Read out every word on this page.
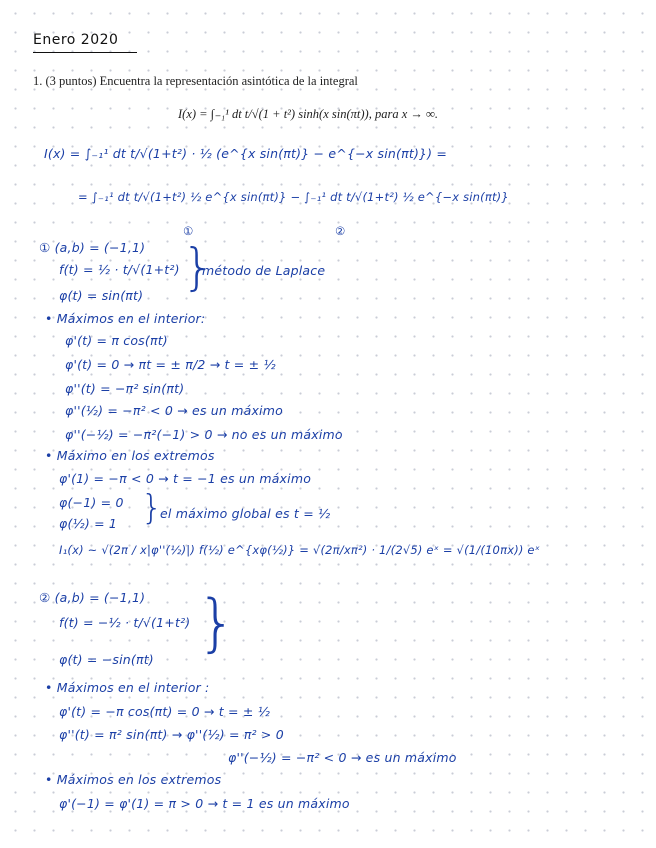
Enero 2020
1. (3 puntos) Encuentra la representación asintótica de la integral
I(x) = ∫₋₁¹ dt t/√(1 + t²) sinh(x sin(πt)), para x → ∞.
I(x) = ∫₋₁¹ dt t/√(1+t²) · ½ (e^{x sin(πt)} − e^{−x sin(πt)}) =
= ∫₋₁¹ dt t/√(1+t²) ½ e^{x sin(πt)} − ∫₋₁¹ dt t/√(1+t²) ½ e^{−x sin(πt)}
①	②
① (a,b) = (−1,1)
f(t) = ½ · t/√(1+t²)
φ(t) = sin(πt) }
método de Laplace
• Máximos en el interior:
φ'(t) = π cos(πt)
φ'(t) = 0 → πt = ± π/2 → t = ± ½
φ''(t) = −π² sin(πt)
φ''(½) = −π² < 0 → es un máximo
φ''(−½) = −π²(−1) > 0 → no es un máximo
• Máximo en los extremos
φ'(1) = −π < 0 → t = −1 es un máximo
φ(−1) = 0
φ(½) = 1 }
el máximo global es t = ½
I₁(x) ~ √(2π / x|φ''(½)|) f(½) e^{xφ(½)} = √(2π/xπ²) · 1/(2√5) eˣ = √(1/(10πx)) eˣ
② (a,b) = (−1,1)
f(t) = −½ · t/√(1+t²) }
φ(t) = −sin(πt)
• Máximos en el interior :
φ'(t) = −π cos(πt) = 0 → t = ± ½
φ''(t) = π² sin(πt) → φ''(½) = π² > 0
φ''(−½) = −π² < 0 → es un máximo
• Máximos en los extremos
φ'(−1) = φ'(1) = π > 0 → t = 1 es un máximo
